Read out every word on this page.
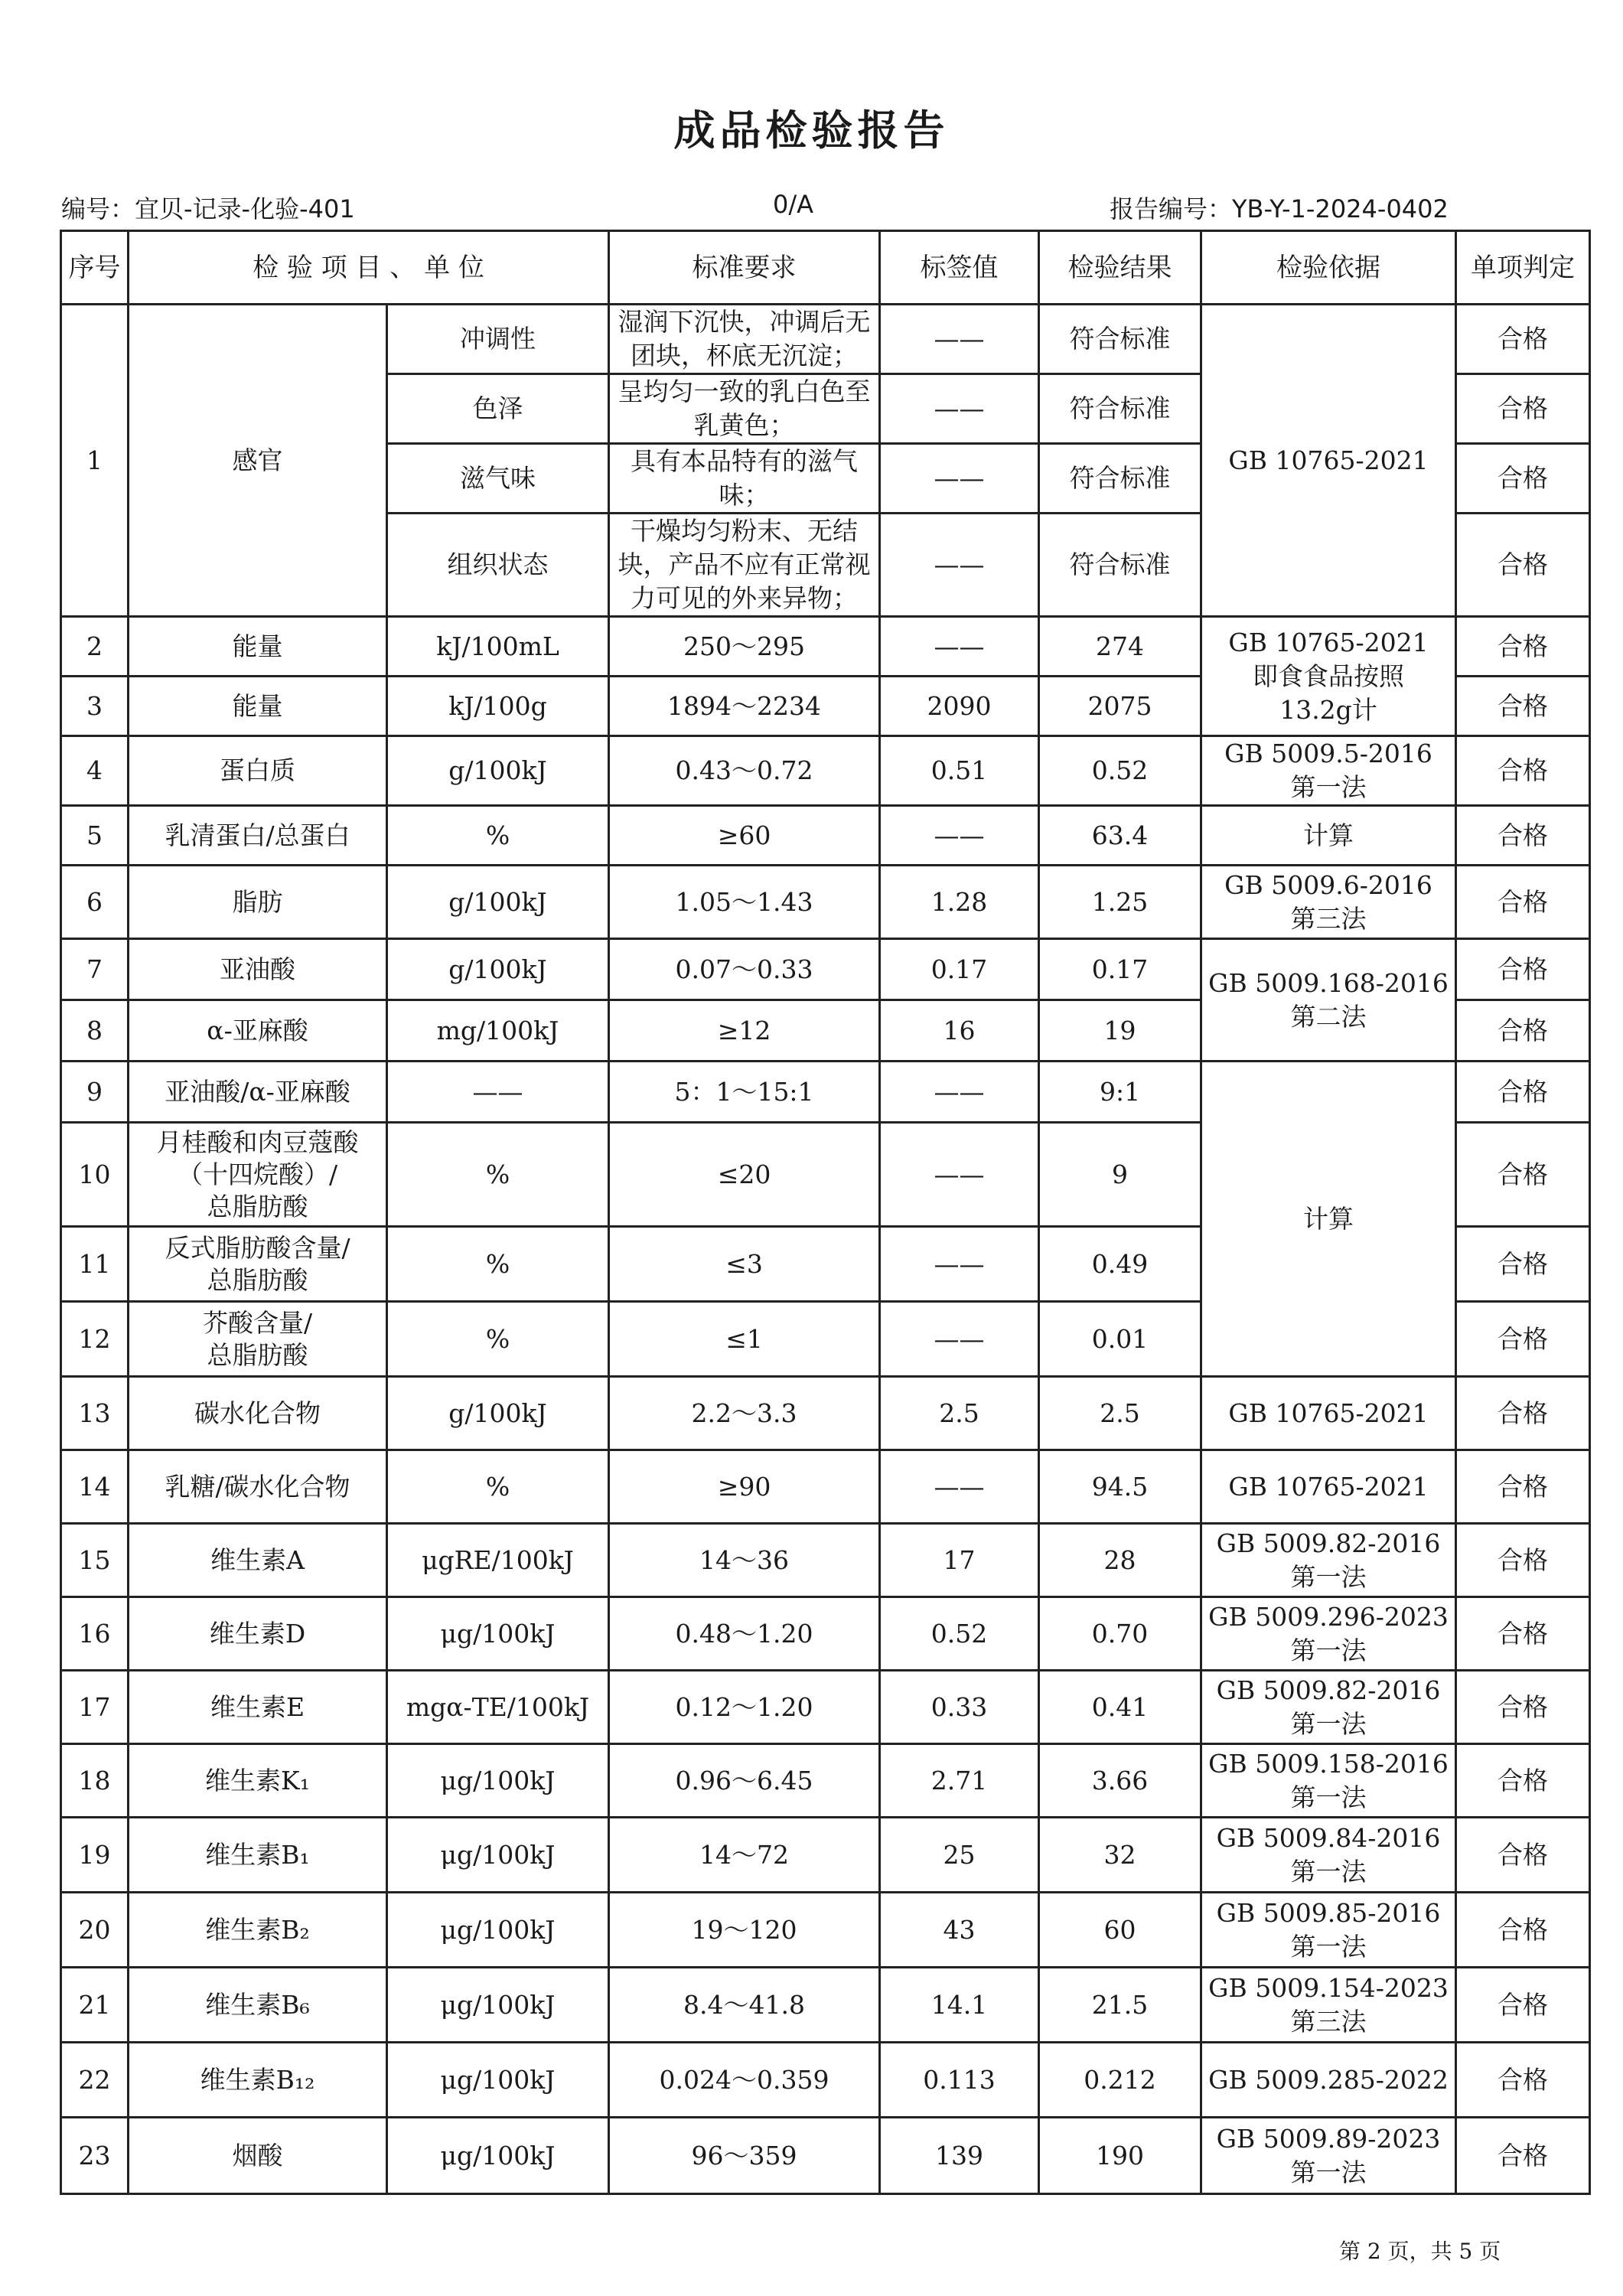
成品检验报告
编号：宜贝-记录-化验-401	0/A	报告编号：YB-Y-1-2024-0402
序号	检 验 项 目 、 单 位		标准要求	标签值	检验结果	检验依据	单项判定
1	感官	冲调性	湿润下沉快，冲调后无
团块，杯底无沉淀；	——	符合标准	GB 10765-2021	合格
		色泽	呈均匀一致的乳白色至
乳黄色；	——	符合标准		合格
		滋气味	具有本品特有的滋气
味；	——	符合标准		合格
		组织状态	干燥均匀粉末、无结
块，产品不应有正常视
力可见的外来异物；	——	符合标准		合格
2	能量	kJ/100mL	250～295	——	274	GB 10765-2021
即食食品按照
13.2g计	合格
3	能量	kJ/100g	1894～2234	2090	2075		合格
4	蛋白质	g/100kJ	0.43～0.72	0.51	0.52	GB 5009.5-2016
第一法	合格
5	乳清蛋白/总蛋白	%	≥60	——	63.4	计算	合格
6	脂肪	g/100kJ	1.05～1.43	1.28	1.25	GB 5009.6-2016
第三法	合格
7	亚油酸	g/100kJ	0.07～0.33	0.17	0.17	GB 5009.168-2016
第二法	合格
8	α-亚麻酸	mg/100kJ	≥12	16	19		合格
9	亚油酸/α-亚麻酸	——	5：1～15:1	——	9:1	计算	合格
10	月桂酸和肉豆蔻酸
（十四烷酸）/
总脂肪酸	%	≤20	——	9		合格
11	反式脂肪酸含量/
总脂肪酸	%	≤3	——	0.49		合格
12	芥酸含量/
总脂肪酸	%	≤1	——	0.01		合格
13	碳水化合物	g/100kJ	2.2～3.3	2.5	2.5	GB 10765-2021	合格
14	乳糖/碳水化合物	%	≥90	——	94.5	GB 10765-2021	合格
15	维生素A	μgRE/100kJ	14～36	17	28	GB 5009.82-2016
第一法	合格
16	维生素D	μg/100kJ	0.48～1.20	0.52	0.70	GB 5009.296-2023
第一法	合格
17	维生素E	mgα-TE/100kJ	0.12～1.20	0.33	0.41	GB 5009.82-2016
第一法	合格
18	维生素K₁	μg/100kJ	0.96～6.45	2.71	3.66	GB 5009.158-2016
第一法	合格
19	维生素B₁	μg/100kJ	14～72	25	32	GB 5009.84-2016
第一法	合格
20	维生素B₂	μg/100kJ	19～120	43	60	GB 5009.85-2016
第一法	合格
21	维生素B₆	μg/100kJ	8.4～41.8	14.1	21.5	GB 5009.154-2023
第三法	合格
22	维生素B₁₂	μg/100kJ	0.024～0.359	0.113	0.212	GB 5009.285-2022	合格
23	烟酸	μg/100kJ	96～359	139	190	GB 5009.89-2023
第一法	合格
第 2 页，共 5 页
